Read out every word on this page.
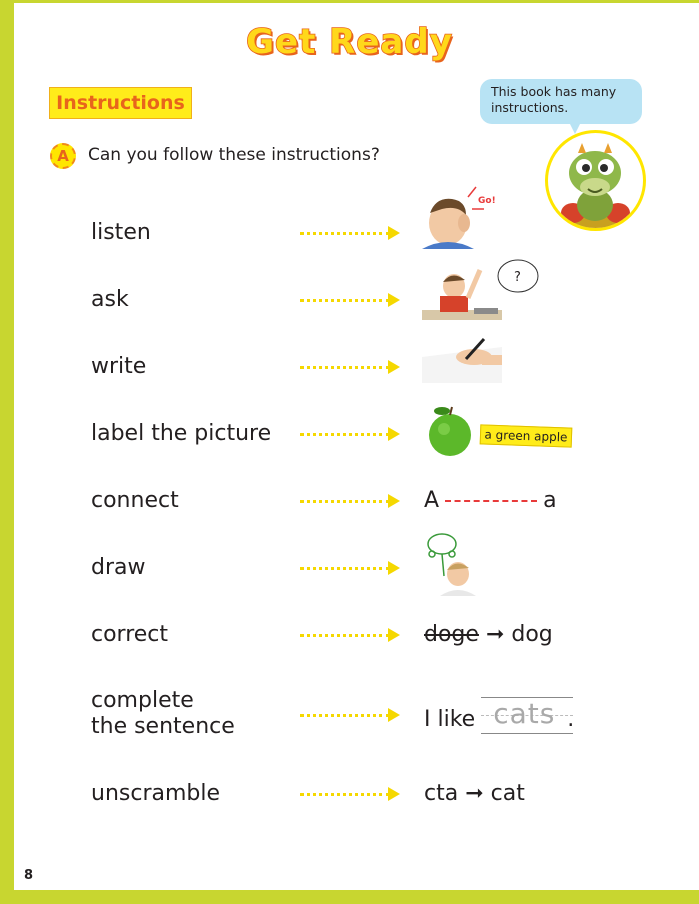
Get Ready
Instructions
A	Can you follow these instructions?
This book has many instructions.
listen
Go!
ask
?
write
label the picture	a green apple
connect	A	a
draw
correct	doge ➞ dog
complete
the sentence	I like cats .
unscramble	cta ➞ cat
8
